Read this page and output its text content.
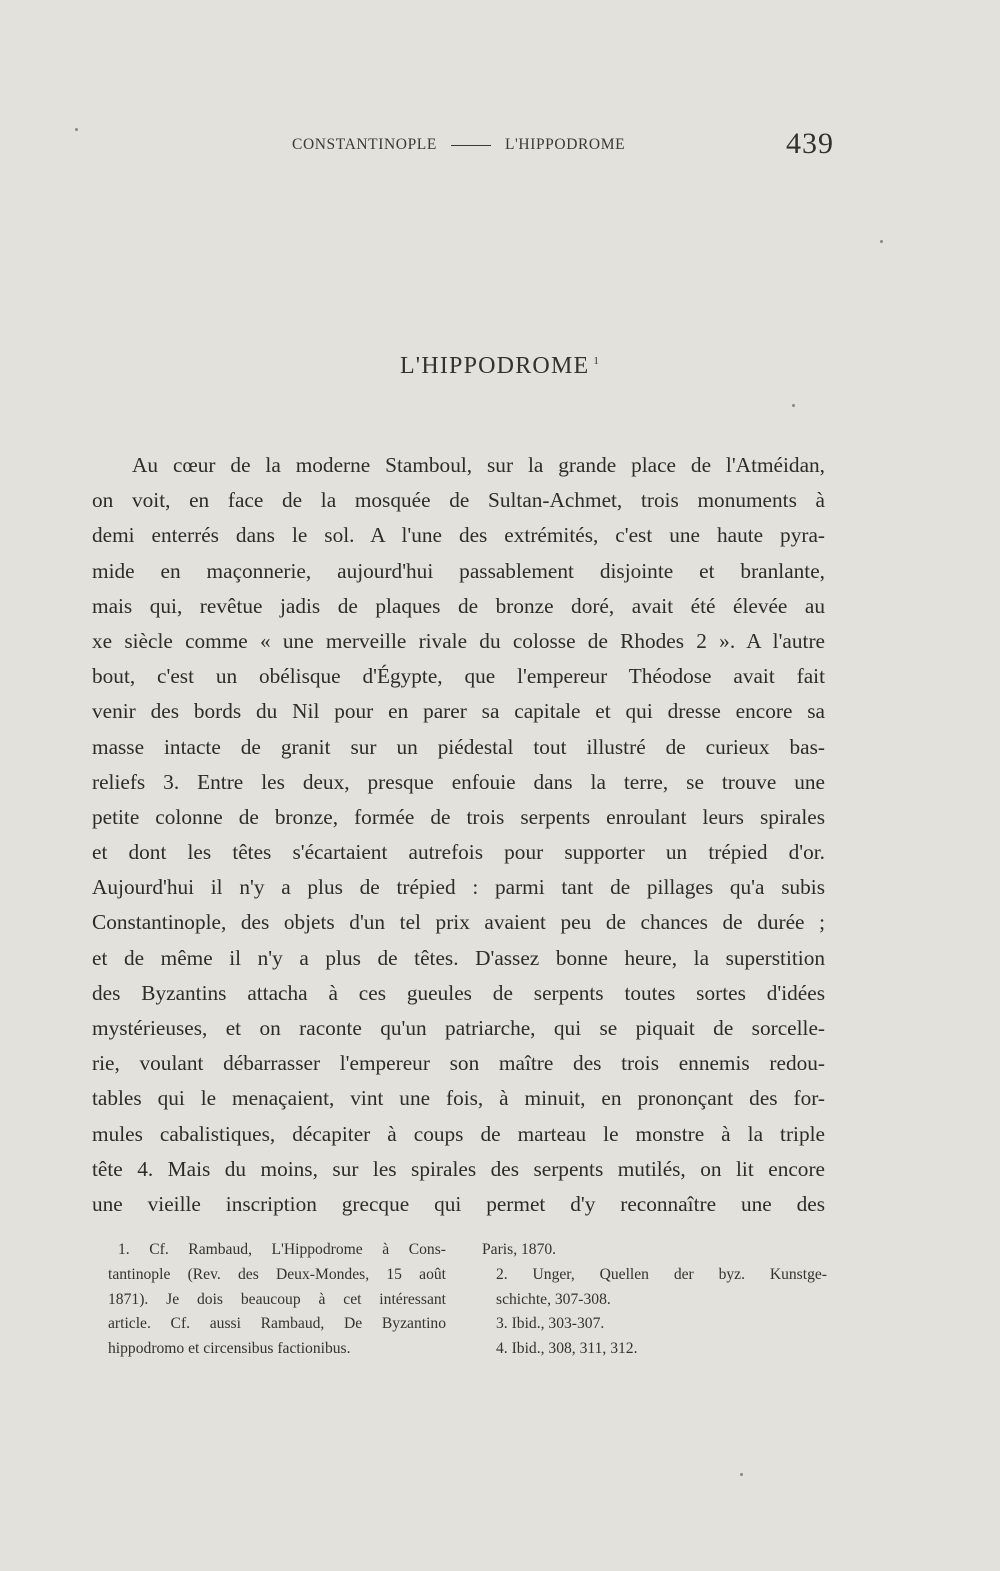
CONSTANTINOPLE	L'HIPPODROME	439
L'HIPPODROME $^1$
Au cœur de la moderne Stamboul, sur la grande place de l'Atméidan,
on voit, en face de la mosquée de Sultan-Achmet, trois monuments à
demi enterrés dans le sol. A l'une des extrémités, c'est une haute pyra-
mide en maçonnerie, aujourd'hui passablement disjointe et branlante,
mais qui, revêtue jadis de plaques de bronze doré, avait été élevée au
xe siècle comme « une merveille rivale du colosse de Rhodes 2 ». A l'autre
bout, c'est un obélisque d'Égypte, que l'empereur Théodose avait fait
venir des bords du Nil pour en parer sa capitale et qui dresse encore sa
masse intacte de granit sur un piédestal tout illustré de curieux bas-
reliefs 3. Entre les deux, presque enfouie dans la terre, se trouve une
petite colonne de bronze, formée de trois serpents enroulant leurs spirales
et dont les têtes s'écartaient autrefois pour supporter un trépied d'or.
Aujourd'hui il n'y a plus de trépied : parmi tant de pillages qu'a subis
Constantinople, des objets d'un tel prix avaient peu de chances de durée ;
et de même il n'y a plus de têtes. D'assez bonne heure, la superstition
des Byzantins attacha à ces gueules de serpents toutes sortes d'idées
mystérieuses, et on raconte qu'un patriarche, qui se piquait de sorcelle-
rie, voulant débarrasser l'empereur son maître des trois ennemis redou-
tables qui le menaçaient, vint une fois, à minuit, en prononçant des for-
mules cabalistiques, décapiter à coups de marteau le monstre à la triple
tête 4. Mais du moins, sur les spirales des serpents mutilés, on lit encore
une vieille inscription grecque qui permet d'y reconnaître une des
1. Cf. Rambaud, L'Hippodrome à Cons-
tantinople (Rev. des Deux-Mondes, 15 août
1871). Je dois beaucoup à cet intéressant
article. Cf. aussi Rambaud, De Byzantino
hippodromo et circensibus factionibus.
Paris, 1870.
2. Unger, Quellen der byz. Kunstge-
schichte, 307-308.
3. Ibid., 303-307.
4. Ibid., 308, 311, 312.
